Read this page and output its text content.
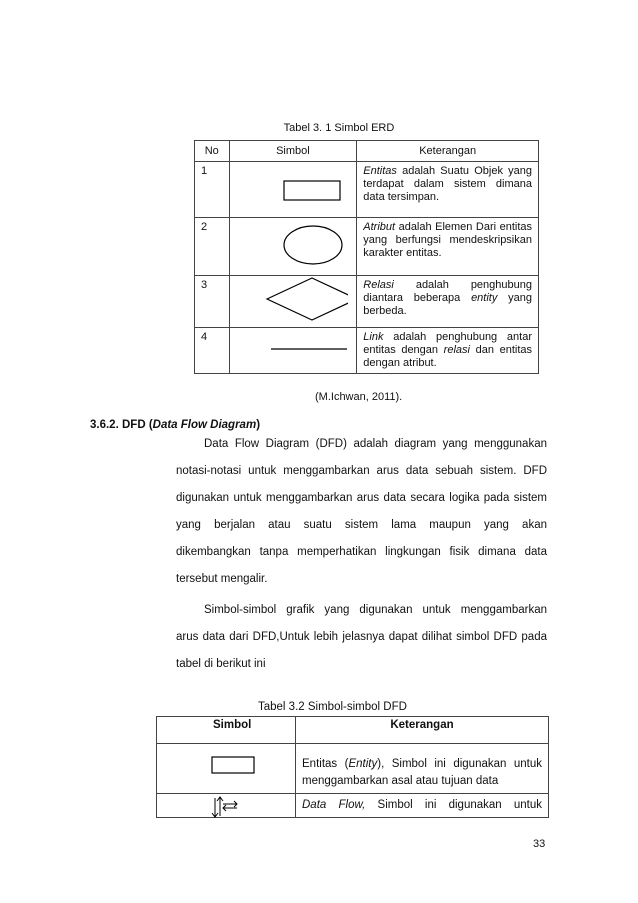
Tabel 3. 1 Simbol ERD
No	Simbol	Keterangan
1		Entitas adalah Suatu Objek yang terdapat dalam sistem dimana data tersimpan.
2		Atribut adalah Elemen Dari entitas yang berfungsi mendeskripsikan karakter entitas.
3		Relasi adalah penghubung diantara beberapa entity yang berbeda.
4		Link adalah penghubung antar entitas dengan relasi dan entitas dengan atribut.
(M.Ichwan, 2011).
3.6.2. DFD (Data Flow Diagram)
Data Flow Diagram (DFD) adalah diagram yang menggunakan
notasi-notasi untuk menggambarkan arus data sebuah sistem. DFD
digunakan untuk menggambarkan arus data secara logika pada sistem
yang berjalan atau suatu sistem lama maupun yang akan
dikembangkan tanpa memperhatikan lingkungan fisik dimana data
tersebut mengalir.
Simbol-simbol grafik yang digunakan untuk menggambarkan
arus data dari DFD,Untuk lebih jelasnya dapat dilihat simbol DFD pada
tabel di berikut ini
Tabel 3.2 Simbol-simbol DFD
Simbol	Keterangan

	Entitas (Entity), Simbol ini digunakan untuk menggambarkan asal atau tujuan data

	Data Flow, Simbol ini digunakan untuk
33
